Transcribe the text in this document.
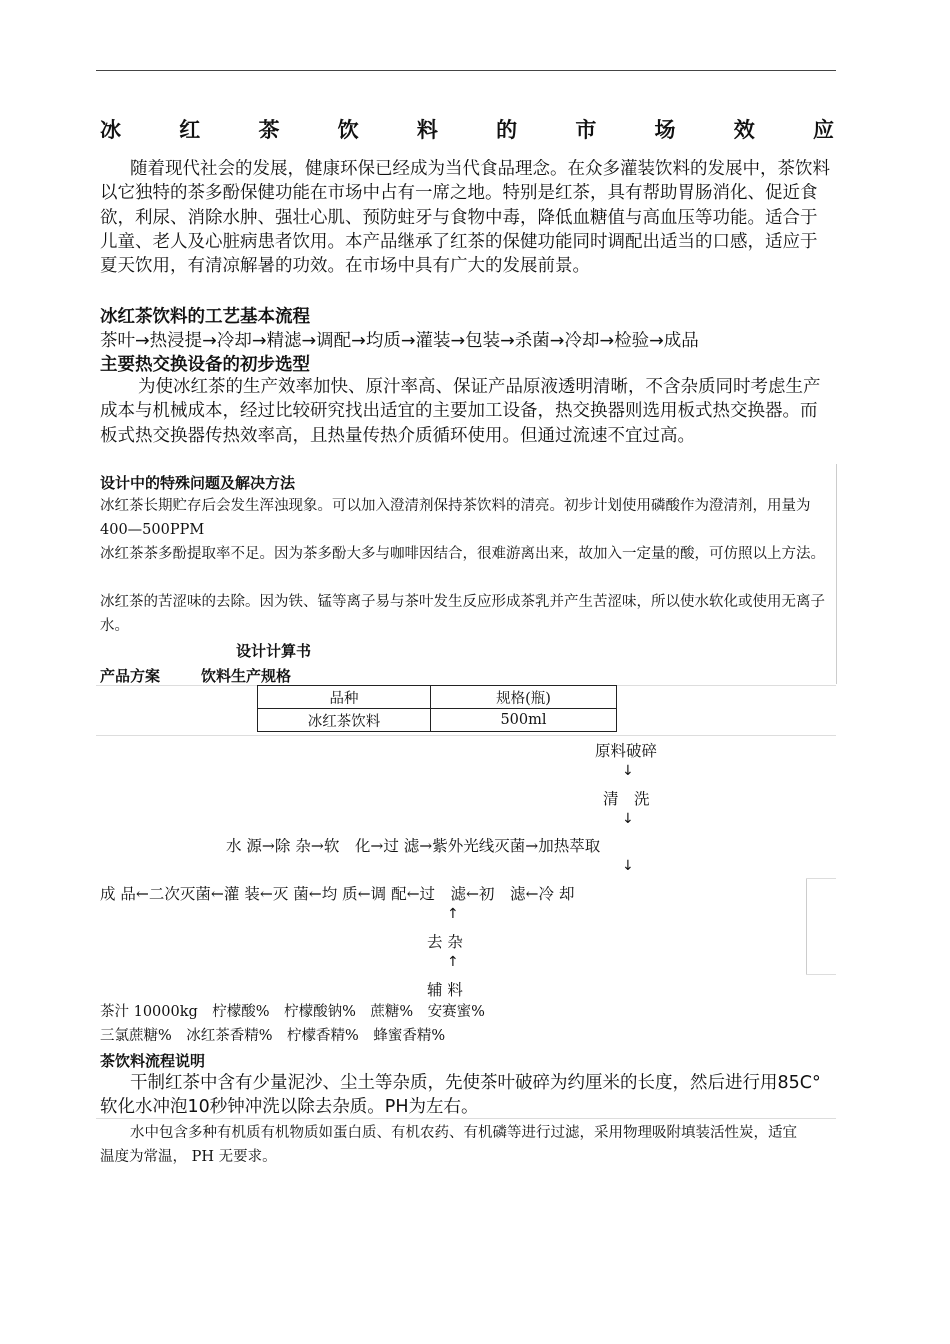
冰	红	茶	饮	料	的	市	场	效	应
随着现代社会的发展，健康环保已经成为当代食品理念。在众多灌装饮料的发展中，茶饮料以它独特的茶多酚保健功能在市场中占有一席之地。特别是红茶，具有帮助胃肠消化、促近食欲，利尿、消除水肿、强壮心肌、预防蛀牙与食物中毒，降低血糖值与高血压等功能。适合于儿童、老人及心脏病患者饮用。本产品继承了红茶的保健功能同时调配出适当的口感，适应于夏天饮用，有清凉解暑的功效。在市场中具有广大的发展前景。
冰红茶饮料的工艺基本流程
茶叶→热浸提→冷却→精滤→调配→均质→灌装→包装→杀菌→冷却→检验→成品
主要热交换设备的初步选型
为使冰红茶的生产效率加快、原汁率高、保证产品原液透明清晰，不含杂质同时考虑生产成本与机械成本，经过比较研究找出适宜的主要加工设备，热交换器则选用板式热交换器。而板式热交换器传热效率高，且热量传热介质循环使用。但通过流速不宜过高。
设计中的特殊问题及解决方法
冰红茶长期贮存后会发生浑浊现象。可以加入澄清剂保持茶饮料的清亮。初步计划使用磷酸作为澄清剂，用量为400—500PPM
冰红茶茶多酚提取率不足。因为茶多酚大多与咖啡因结合，很难游离出来，故加入一定量的酸，可仿照以上方法。
冰红茶的苦涩味的去除。因为铁、锰等离子易与茶叶发生反应形成茶乳并产生苦涩味，所以使水软化或使用无离子水。
设计计算书
产品方案	饮料生产规格
品种	规格(瓶)
冰红茶饮料	500ml
原料破碎
↓
清　洗
↓
水 源→除 杂→软　化→过 滤→紫外光线灭菌→加热萃取
↓
成 品←二次灭菌←灌 装←灭 菌←均 质←调 配←过　滤←初　滤←冷 却
↑
去 杂
↑
辅 料
茶汁 10000kg　柠檬酸%　柠檬酸钠%　蔗糖%　安赛蜜%
三氯蔗糖%　冰红茶香精%　柠檬香精%　蜂蜜香精%
茶饮料流程说明
干制红茶中含有少量泥沙、尘土等杂质，先使茶叶破碎为约厘米的长度，然后进行用85C°软化水冲泡10秒钟冲洗以除去杂质。PH为左右。
水中包含多种有机质有机物质如蛋白质、有机农药、有机磷等进行过滤，采用物理吸附填装活性炭，适宜温度为常温， PH 无要求。
